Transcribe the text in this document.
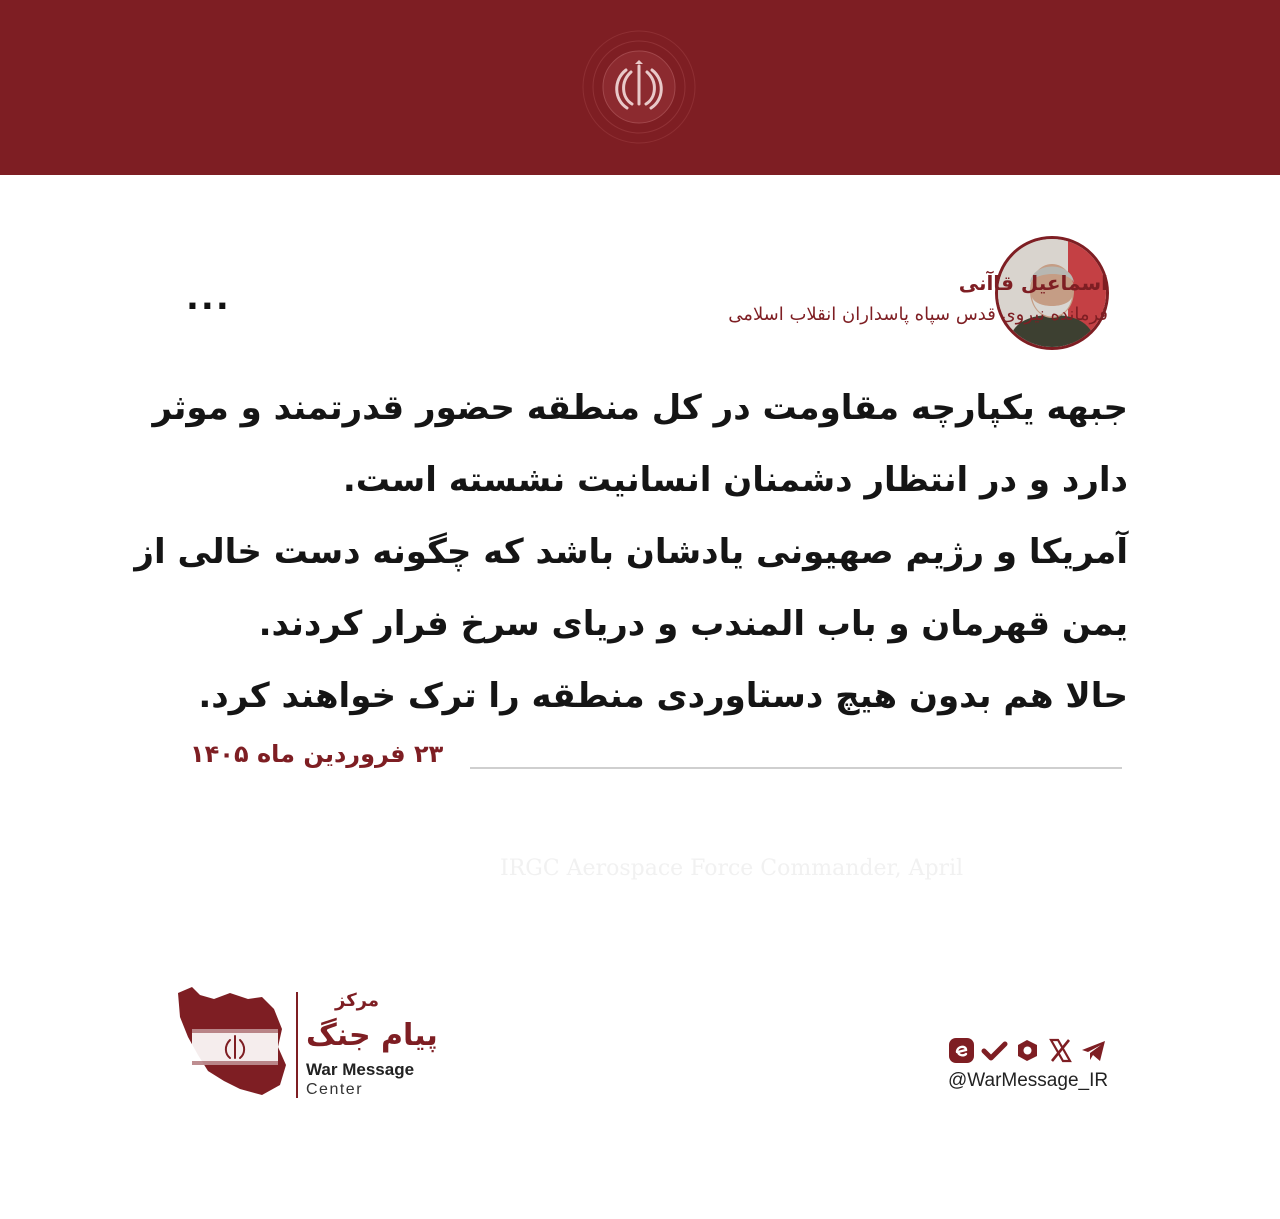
اسماعیل قاآنی
فرمانده نیروی قدس سپاه پاسداران انقلاب اسلامی
...
جبهه یکپارچه مقاومت در کل منطقه حضور قدرتمند و موثر
دارد و در انتظار دشمنان انسانیت نشسته است.
آمریکا و رژیم صهیونی یادشان باشد که چگونه دست خالی از
یمن قهرمان و باب المندب و دریای سرخ فرار کردند.
حالا هم بدون هیچ دستاوردی منطقه را ترک خواهند کرد.
۲۳ فروردین ماه ۱۴۰۵
IRGC Aerospace Force Commander, April
مرکز
پیام جنگ
War Message
Center	@WarMessage_IR
